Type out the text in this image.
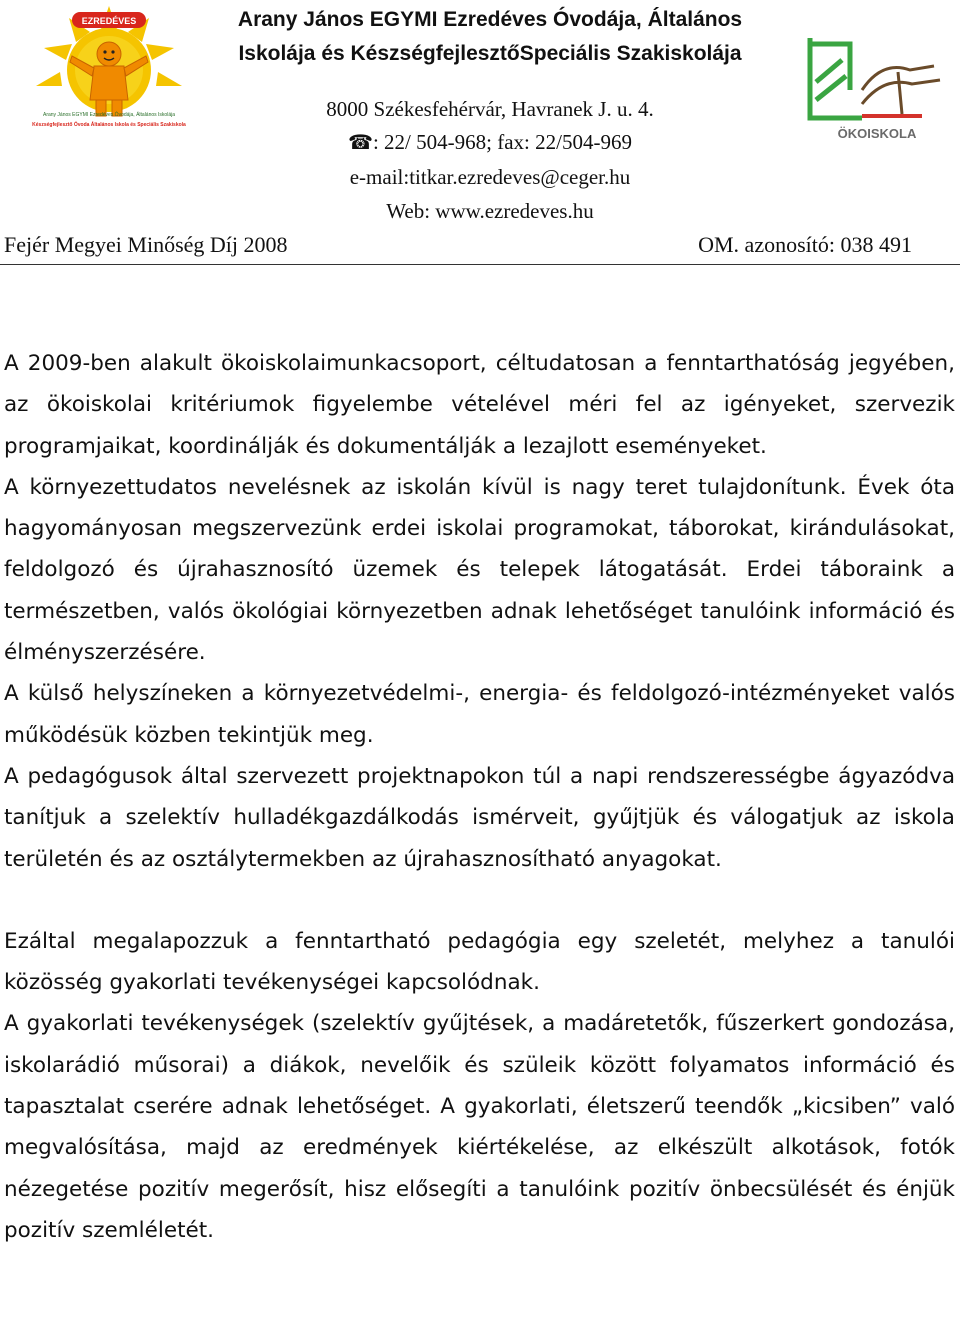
EZREDÉVES
Arany János EGYMI Ezredéves Óvodája, Általános Iskolája
Készségfejlesztő Óvoda Általános Iskola és Speciális Szakiskola
Arany János EGYMI Ezredéves Óvodája, Általános
Iskolája és KészségfejlesztőSpeciális Szakiskolája
8000 Székesfehérvár, Havranek J. u. 4.
☎: 22/ 504-968; fax: 22/504-969
e-mail:titkar.ezredeves@ceger.hu
Web: www.ezredeves.hu
ÖKOISKOLA
Fejér Megyei Minőség Díj 2008	OM. azonosító: 038 491

A 2009-ben alakult ökoiskolaimunkacsoport, céltudatosan a fenntarthatóság jegyében, az ökoiskolai kritériumok figyelembe vételével méri fel az igényeket, szervezik programjaikat, koordinálják és dokumentálják a lezajlott eseményeket.

A környezettudatos nevelésnek az iskolán kívül is nagy teret tulajdonítunk. Évek óta hagyományosan megszervezünk erdei iskolai programokat, táborokat, kirándulásokat, feldolgozó és újrahasznosító üzemek és telepek látogatását. Erdei táboraink a természetben, valós ökológiai környezetben adnak lehetőséget tanulóink információ és élményszerzésére.

A külső helyszíneken a környezetvédelmi-, energia- és feldolgozó-intézményeket valós működésük közben tekintjük meg.

A pedagógusok által szervezett projektnapokon túl a napi rendszerességbe ágyazódva tanítjuk a szelektív hulladékgazdálkodás ismérveit, gyűjtjük és válogatjuk az iskola területén és az osztálytermekben az újrahasznosítható anyagokat.

Ezáltal megalapozzuk a fenntartható pedagógia egy szeletét, melyhez a tanulói közösség gyakorlati tevékenységei kapcsolódnak.

A gyakorlati tevékenységek (szelektív gyűjtések, a madáretetők, fűszerkert gondozása, iskolarádió műsorai) a diákok, nevelőik és szüleik között folyamatos információ és tapasztalat cserére adnak lehetőséget. A gyakorlati, életszerű teendők „kicsiben” való megvalósítása, majd az eredmények kiértékelése, az elkészült alkotások, fotók nézegetése pozitív megerősít, hisz elősegíti a tanulóink pozitív önbecsülését és énjük pozitív szemléletét.
